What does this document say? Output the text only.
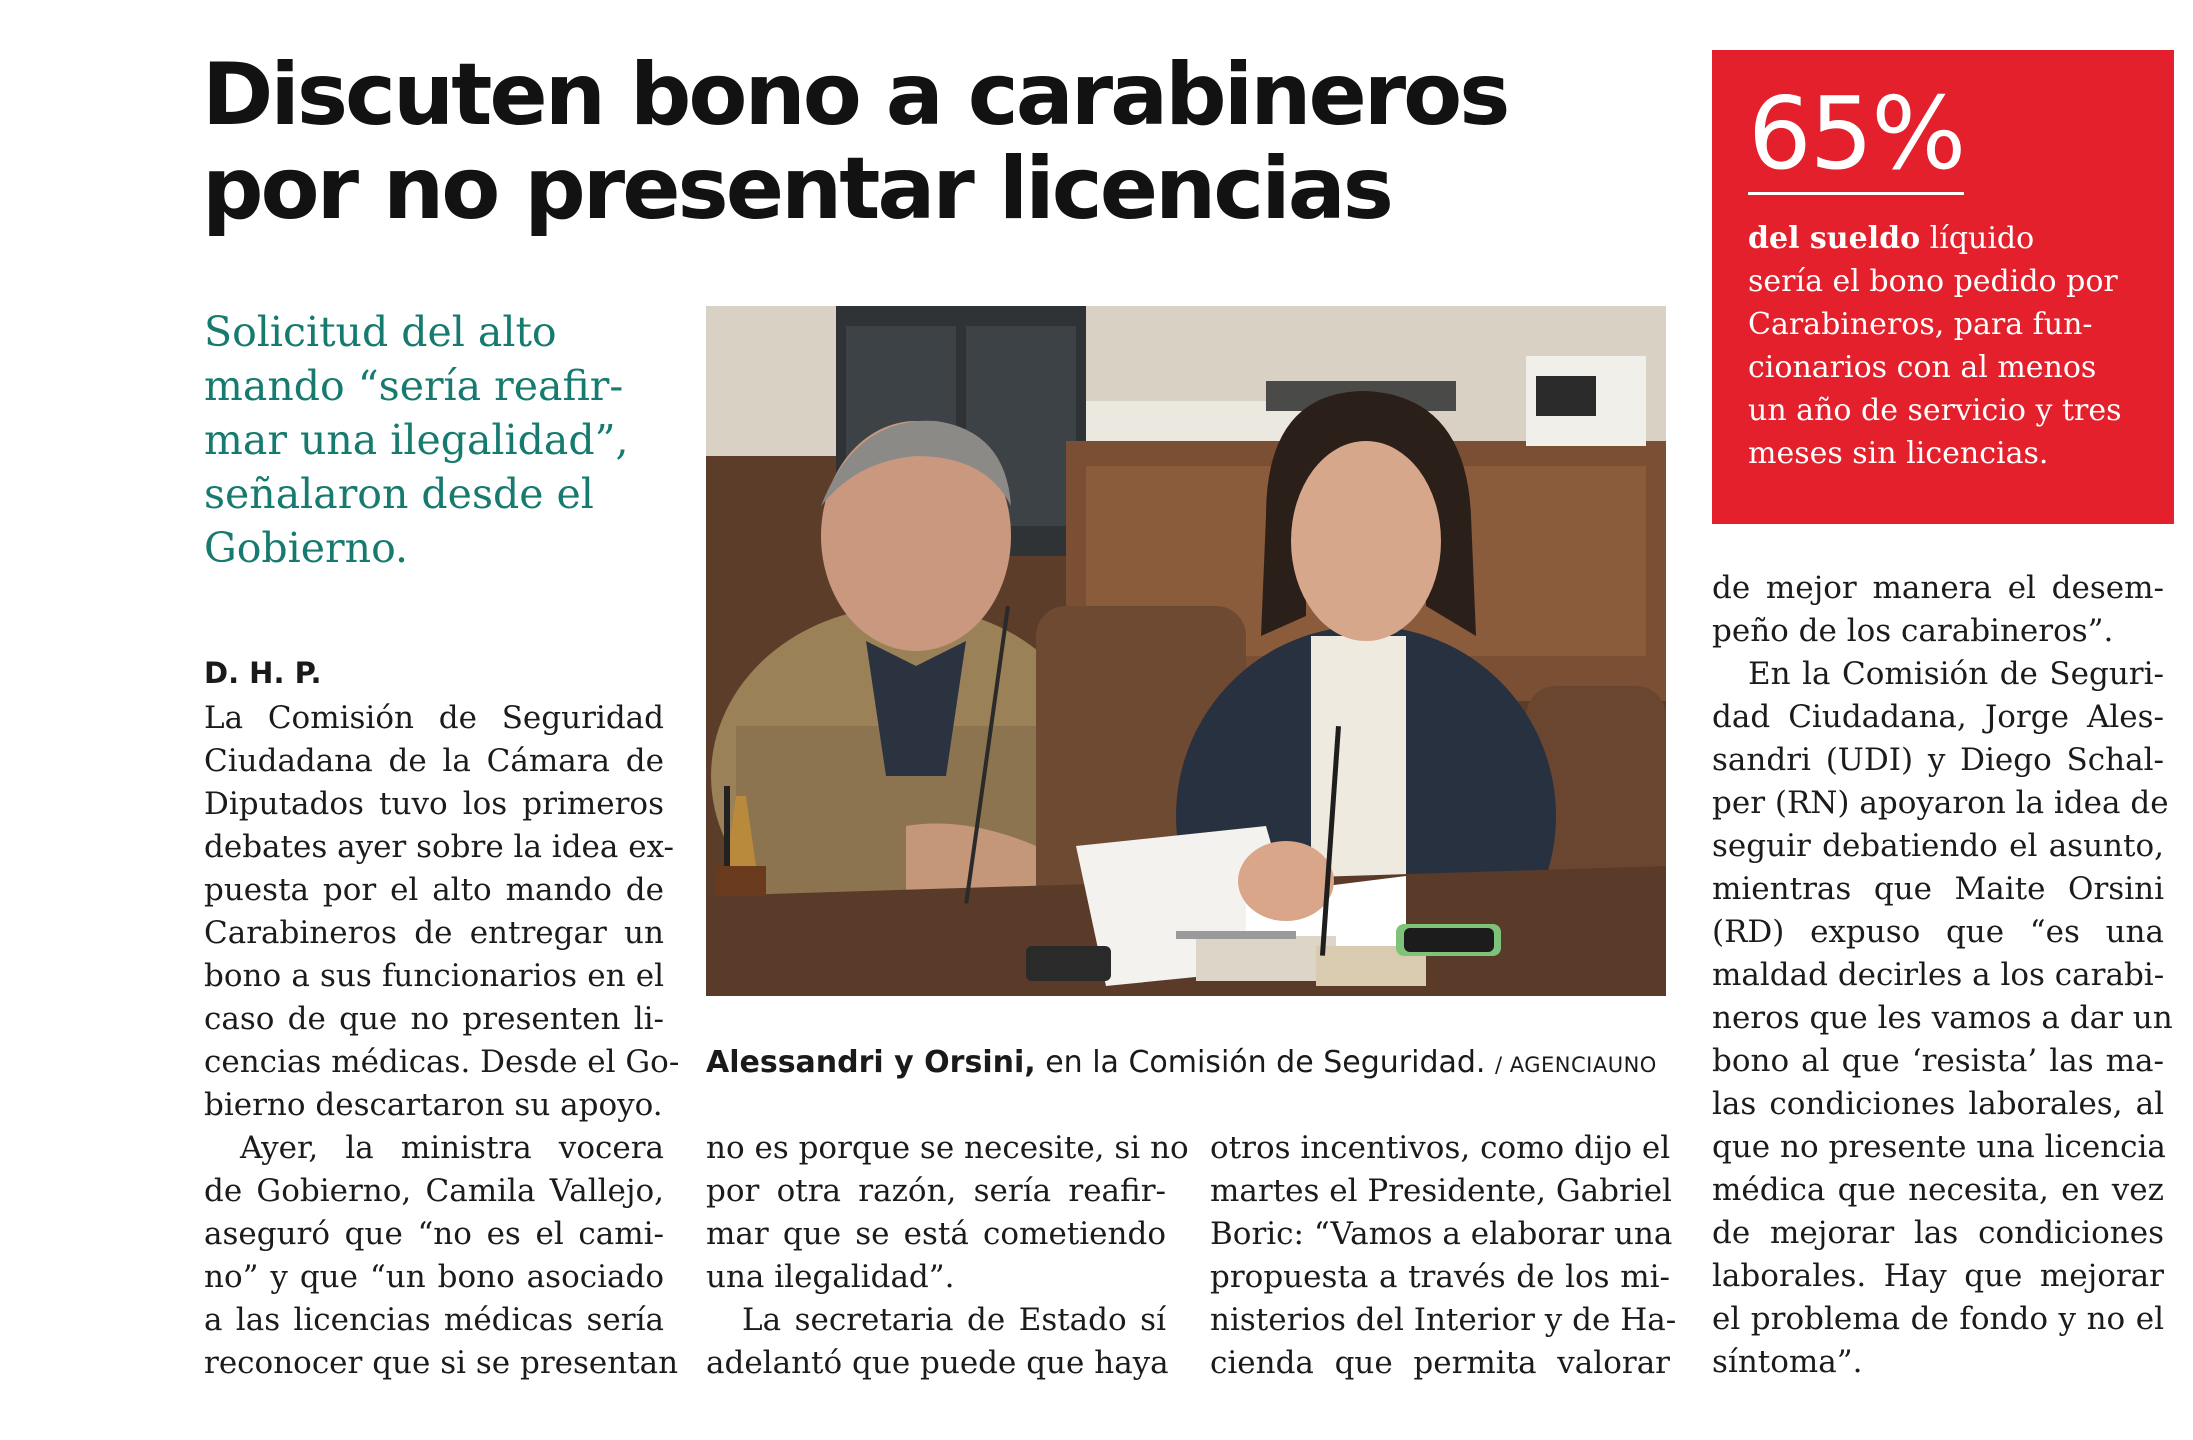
Discuten bono a carabineros
por no presentar licencias	65%
del sueldo líquido
sería el bono pedido por
Carabineros, para fun-
cionarios con al menos
un año de servicio y tres
meses sin licencias.
Solicitud del alto
mando “sería reafir-
mar una ilegalidad”,
señalaron desde el
Gobierno.
D. H. P.
La Comisión de Seguridad
Ciudadana de la Cámara de
Diputados tuvo los primeros
debates ayer sobre la idea ex-
puesta por el alto mando de
Carabineros de entregar un
bono a sus funcionarios en el
caso de que no presenten li-
cencias médicas. Desde el Go-
bierno descartaron su apoyo.
Ayer, la ministra vocera
de Gobierno, Camila Vallejo,
aseguró que “no es el cami-
no” y que “un bono asociado
a las licencias médicas sería
reconocer que si se presentan
Alessandri y Orsini, en la Comisión de Seguridad. / AGENCIAUNO
no es porque se necesite, si no
por otra razón, sería reafir-
mar que se está cometiendo
una ilegalidad”.
La secretaria de Estado sí
adelantó que puede que haya
otros incentivos, como dijo el
martes el Presidente, Gabriel
Boric: “Vamos a elaborar una
propuesta a través de los mi-
nisterios del Interior y de Ha-
cienda que permita valorar
de mejor manera el desem-
peño de los carabineros”.
En la Comisión de Seguri-
dad Ciudadana, Jorge Ales-
sandri (UDI) y Diego Schal-
per (RN) apoyaron la idea de
seguir debatiendo el asunto,
mientras que Maite Orsini
(RD) expuso que “es una
maldad decirles a los carabi-
neros que les vamos a dar un
bono al que ‘resista’ las ma-
las condiciones laborales, al
que no presente una licencia
médica que necesita, en vez
de mejorar las condiciones
laborales. Hay que mejorar
el problema de fondo y no el
síntoma”.
